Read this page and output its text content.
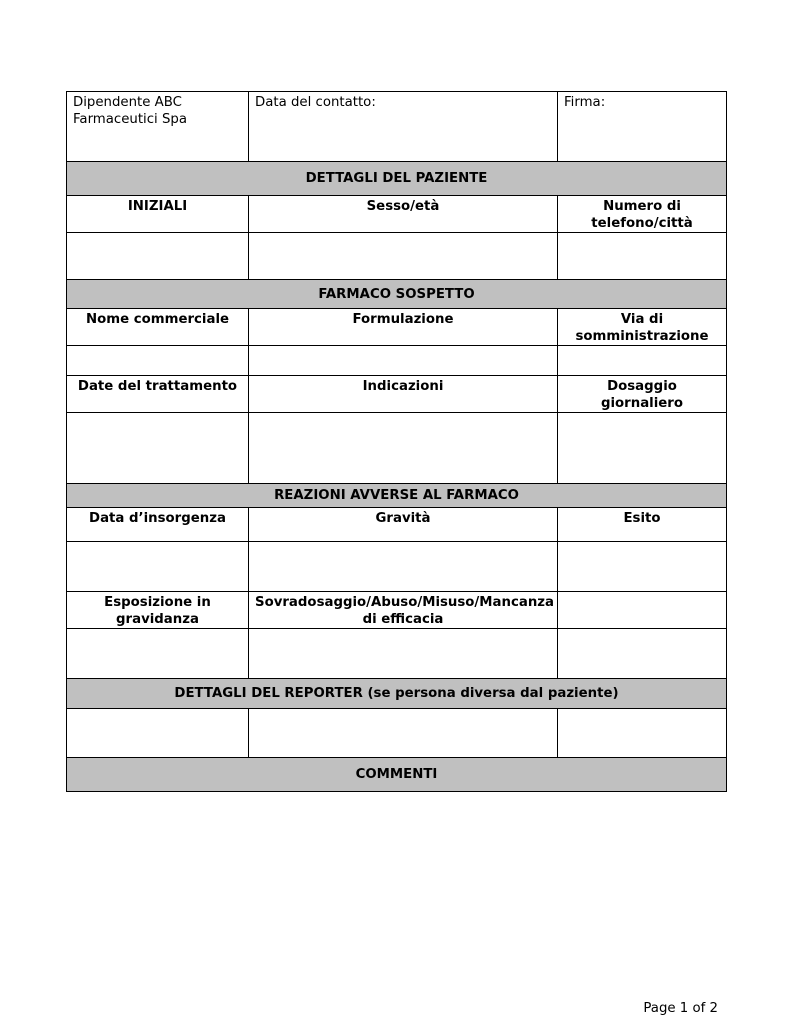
Dipendente ABC Farmaceutici Spa	Data del contatto:	Firma:
DETTAGLI DEL PAZIENTE		
INIZIALI	Sesso/età	Numero di telefono/città

FARMACO SOSPETTO		
Nome commerciale	Formulazione	Via di somministrazione

Date del trattamento	Indicazioni	Dosaggio giornaliero

REAZIONI AVVERSE AL FARMACO		
Data d’insorgenza	Gravità	Esito

Esposizione in gravidanza	Sovradosaggio/Abuso/Misuso/Mancanza di efficacia	

DETTAGLI DEL REPORTER (se persona diversa dal paziente)		

COMMENTI		
Page 1 of 2
